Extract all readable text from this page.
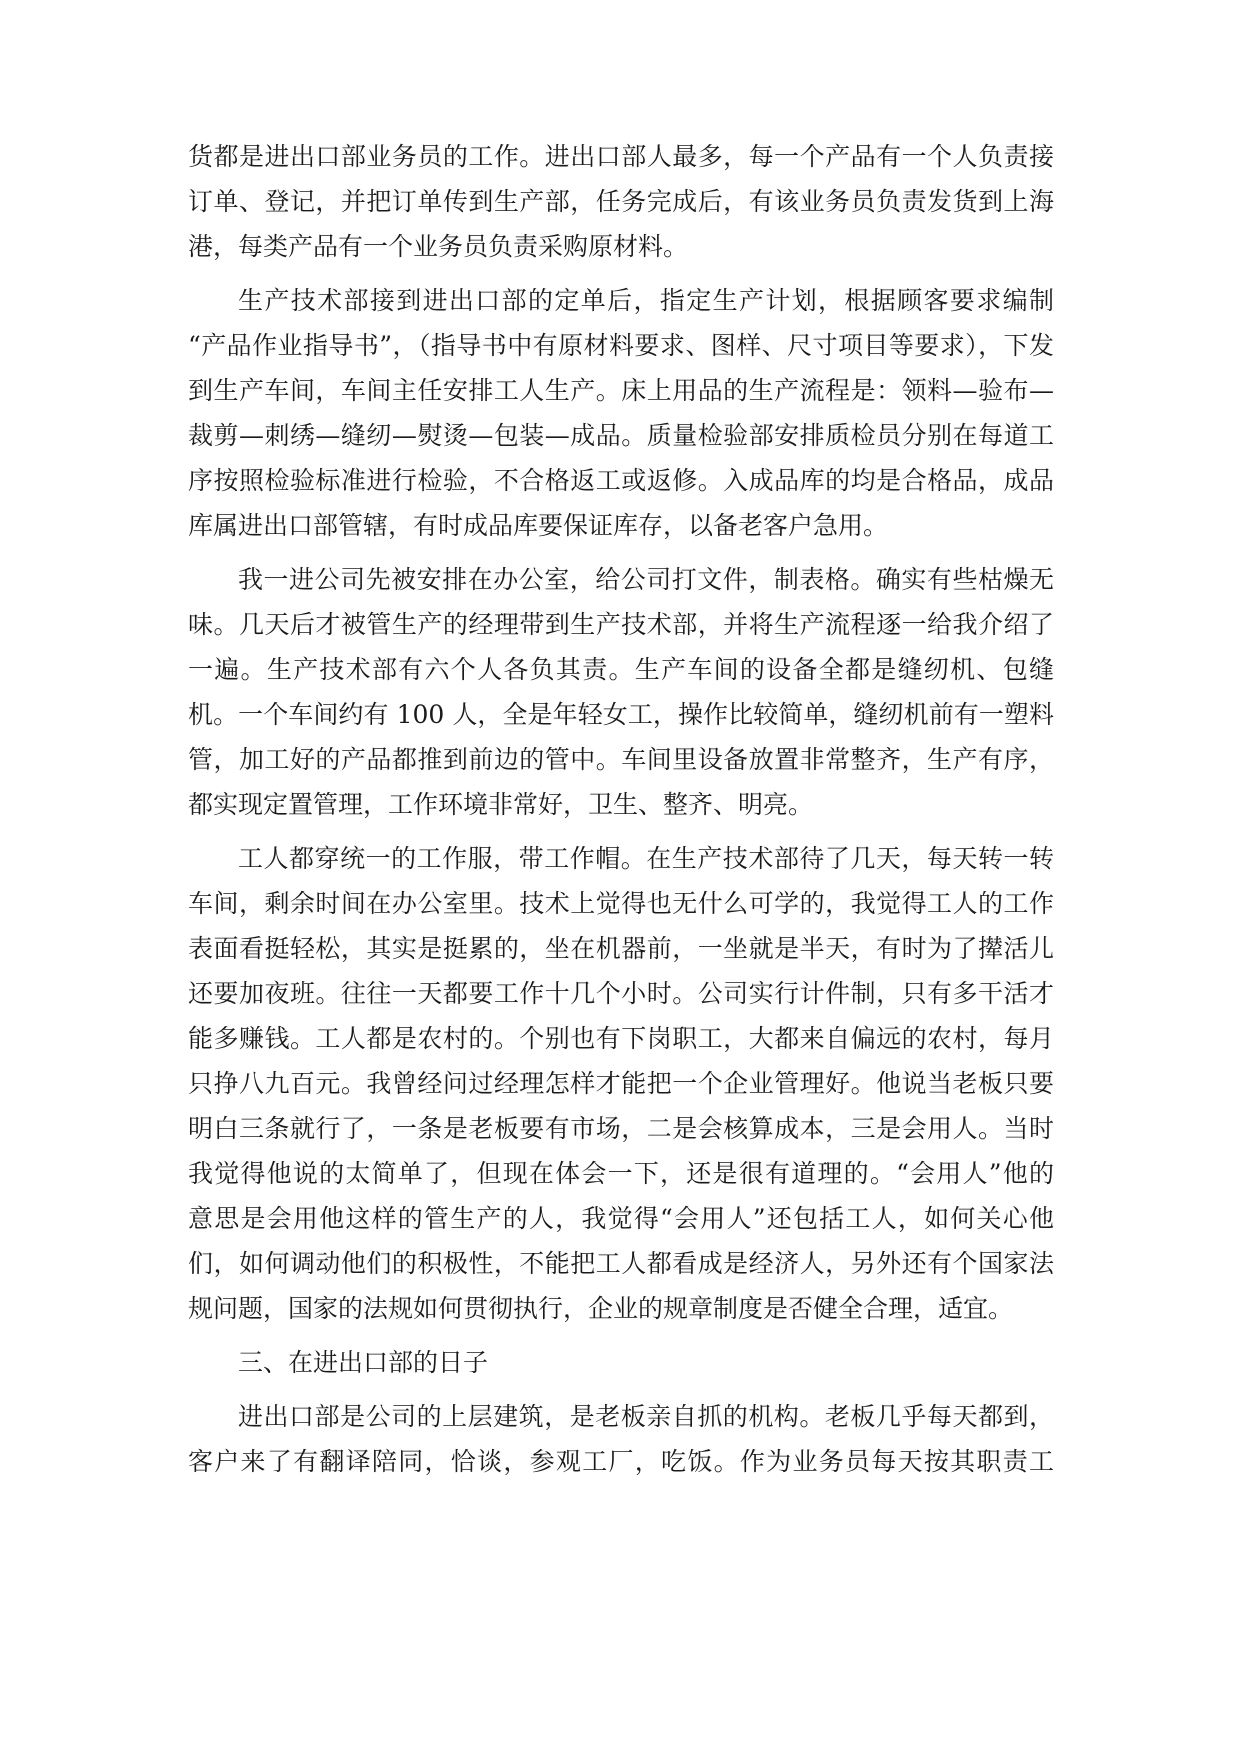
货都是进出口部业务员的工作。进出口部人最多，每一个产品有一个人负责接
订单、登记，并把订单传到生产部，任务完成后，有该业务员负责发货到上海
港，每类产品有一个业务员负责采购原材料。
生产技术部接到进出口部的定单后，指定生产计划，根据顾客要求编制
“产品作业指导书”，（指导书中有原材料要求、图样、尺寸项目等要求），下发
到生产车间，车间主任安排工人生产。床上用品的生产流程是：领料—验布—
裁剪—刺绣—缝纫—熨烫—包装—成品。质量检验部安排质检员分别在每道工
序按照检验标准进行检验，不合格返工或返修。入成品库的均是合格品，成品
库属进出口部管辖，有时成品库要保证库存，以备老客户急用。
我一进公司先被安排在办公室，给公司打文件，制表格。确实有些枯燥无
味。几天后才被管生产的经理带到生产技术部，并将生产流程逐一给我介绍了
一遍。生产技术部有六个人各负其责。生产车间的设备全都是缝纫机、包缝
机。一个车间约有 100 人，全是年轻女工，操作比较简单，缝纫机前有一塑料
管，加工好的产品都推到前边的管中。车间里设备放置非常整齐，生产有序，
都实现定置管理，工作环境非常好，卫生、整齐、明亮。
工人都穿统一的工作服，带工作帽。在生产技术部待了几天，每天转一转
车间，剩余时间在办公室里。技术上觉得也无什么可学的，我觉得工人的工作
表面看挺轻松，其实是挺累的，坐在机器前，一坐就是半天，有时为了撵活儿
还要加夜班。往往一天都要工作十几个小时。公司实行计件制，只有多干活才
能多赚钱。工人都是农村的。个别也有下岗职工，大都来自偏远的农村，每月
只挣八九百元。我曾经问过经理怎样才能把一个企业管理好。他说当老板只要
明白三条就行了，一条是老板要有市场，二是会核算成本，三是会用人。当时
我觉得他说的太简单了，但现在体会一下，还是很有道理的。“会用人”他的
意思是会用他这样的管生产的人，我觉得“会用人”还包括工人，如何关心他
们，如何调动他们的积极性，不能把工人都看成是经济人，另外还有个国家法
规问题，国家的法规如何贯彻执行，企业的规章制度是否健全合理，适宜。
三、在进出口部的日子
进出口部是公司的上层建筑，是老板亲自抓的机构。老板几乎每天都到，
客户来了有翻译陪同，恰谈，参观工厂，吃饭。作为业务员每天按其职责工
